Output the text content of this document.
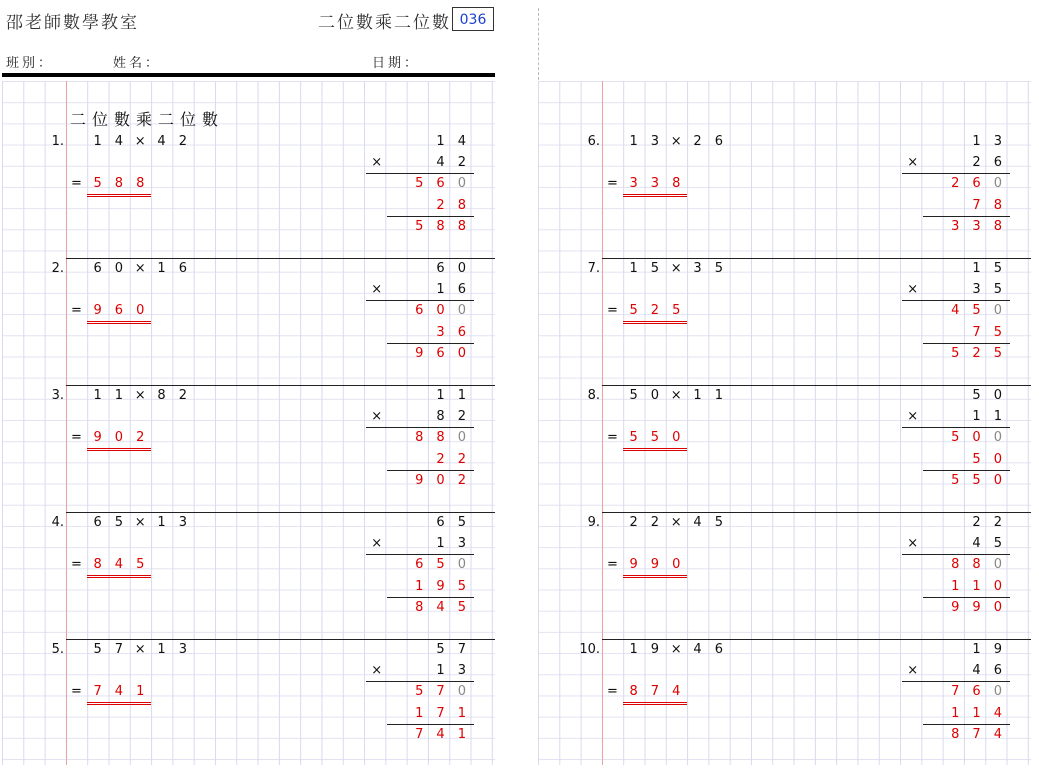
邵老師數學教室	二位數乘二位數 036
班別：	姓名：	日期：
二位數乘二位數
1.	1 4 × 4 2
= 5 8 8
1	4
4	2
×
5	6	0
2	8
5	8	8
2.	6 0 × 1 6
= 9 6 0
6	0
1	6
×
6	0	0
3	6
9	6	0
3.	1 1 × 8 2
= 9 0 2
1	1
8	2
×
8	8	0
2	2
9	0	2
4.	6 5 × 1 3
= 8 4 5
6	5
1	3
×
6	5	0
1	9	5
8	4	5
5.	5 7 × 1 3
= 7 4 1
5	7
1	3
×
5	7	0
1	7	1
7	4	1
6.	1 3 × 2 6
= 3 3 8
1	3
2	6
×
2	6	0
7	8
3	3	8
7.	1 5 × 3 5
= 5 2 5
1	5
3	5
×
4	5	0
7	5
5	2	5
8.	5 0 × 1 1
= 5 5 0
5	0
1	1
×
5	0	0
5	0
5	5	0
9.	2 2 × 4 5
= 9 9 0
2	2
4	5
×
8	8	0
1	1	0
9	9	0
10.	1 9 × 4 6
= 8 7 4
1	9
4	6
×
7	6	0
1	1	4
8	7	4
